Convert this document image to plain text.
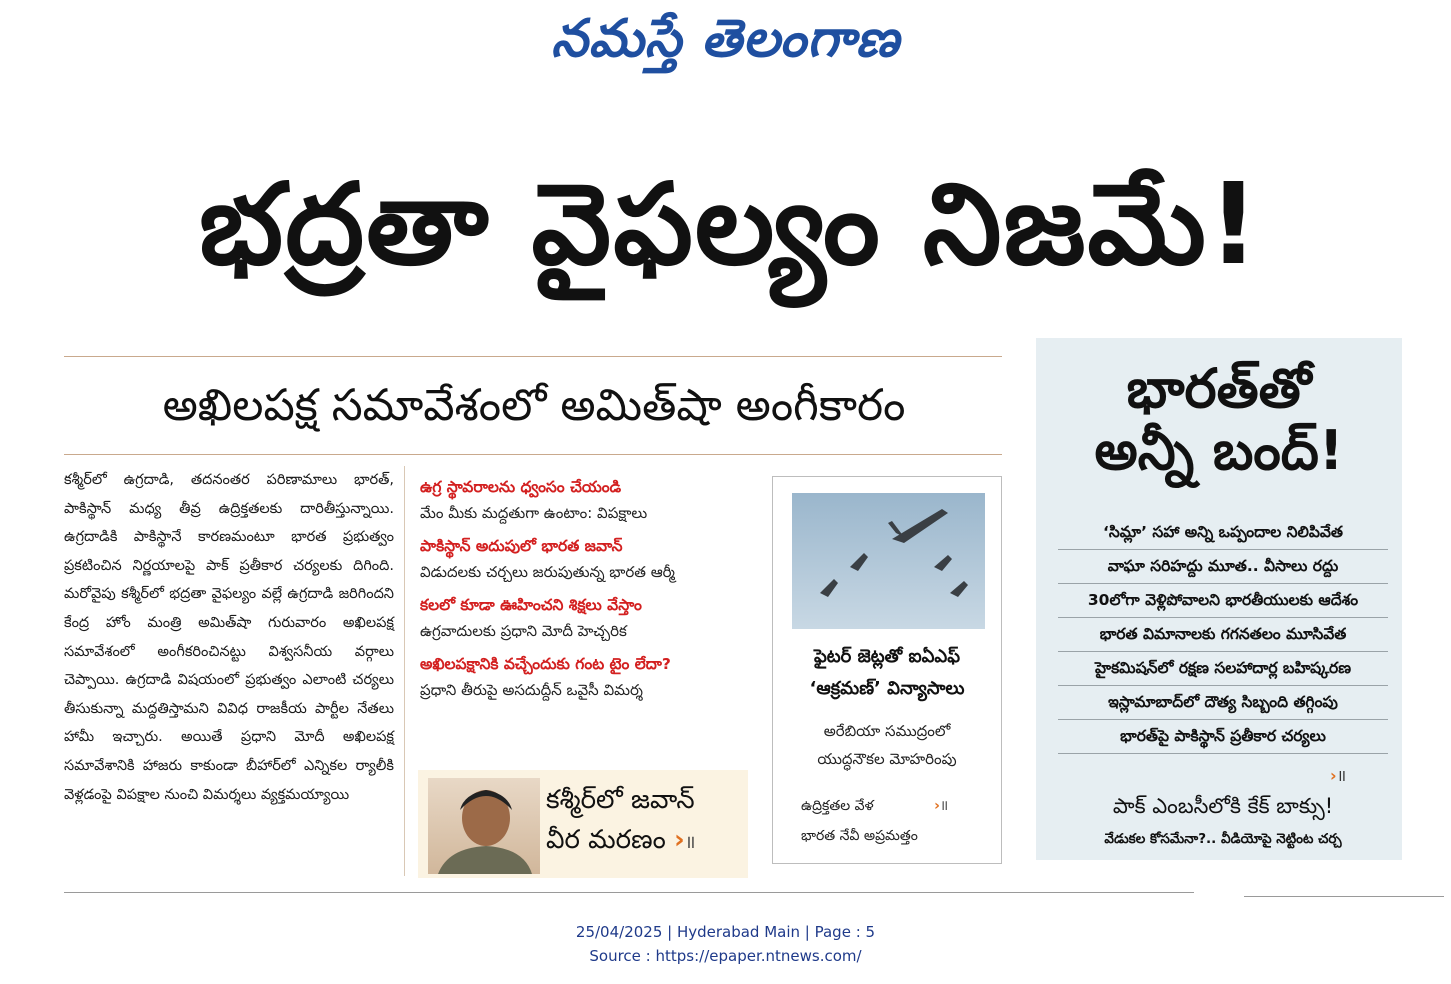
నమస్తే తెలంగాణ
భద్రతా వైఫల్యం నిజమే!
అఖిలపక్ష సమావేశంలో అమిత్‌షా అంగీకారం
కశ్మీర్‌లో ఉగ్రదాడి, తదనంతర పరిణామాలు భారత్, పాకిస్థాన్ మధ్య తీవ్ర ఉద్రిక్తతలకు దారితీస్తున్నాయి. ఉగ్రదాడికి పాకిస్థానే కారణమంటూ భారత ప్రభుత్వం ప్రకటించిన నిర్ణయాలపై పాక్ ప్రతీకార చర్యలకు దిగింది. మరోవైపు కశ్మీర్‌లో భద్రతా వైఫల్యం వల్లే ఉగ్రదాడి జరిగిందని కేంద్ర హోం మంత్రి అమిత్‌షా గురువారం అఖిలపక్ష సమావేశంలో అంగీకరించినట్టు విశ్వసనీయ వర్గాలు చెప్పాయి. ఉగ్రదాడి విషయంలో ప్రభుత్వం ఎలాంటి చర్యలు తీసుకున్నా మద్దతిస్తామని వివిధ రాజకీయ పార్టీల నేతలు హామీ ఇచ్చారు. అయితే ప్రధాని మోదీ అఖిలపక్ష సమావేశానికి హాజరు కాకుండా బీహార్‌లో ఎన్నికల ర్యాలీకి వెళ్లడంపై విపక్షాల నుంచి విమర్శలు వ్యక్తమయ్యాయి
ఉగ్ర స్థావరాలను ధ్వంసం చేయండి
మేం మీకు మద్దతుగా ఉంటాం: విపక్షాలు
పాకిస్థాన్ అదుపులో భారత జవాన్
విడుదలకు చర్చలు జరుపుతున్న భారత ఆర్మీ
కలలో కూడా ఊహించని శిక్షలు వేస్తాం
ఉగ్రవాదులకు ప్రధాని మోదీ హెచ్చరిక
అఖిలపక్షానికి వచ్చేందుకు గంట టైం లేదా?
ప్రధాని తీరుపై అసదుద్దీన్ ఒవైసీ విమర్శ
కశ్మీర్‌లో జవాన్
వీర మరణం ›॥
ఫైటర్ జెట్లతో ఐఏఎఫ్
‘ఆక్రమణ్’ విన్యాసాలు
అరేబియా సముద్రంలో
యుద్ధనౌకల మోహరింపు
ఉద్రిక్తతల వేళ	›॥
భారత నేవీ అప్రమత్తం
భారత్‌తో
అన్నీ బంద్!
‘సిమ్లా’ సహా అన్ని ఒప్పందాల నిలిపివేత
వాఘా సరిహద్దు మూత.. వీసాలు రద్దు
30లోగా వెళ్లిపోవాలని భారతీయులకు ఆదేశం
భారత విమానాలకు గగనతలం మూసివేత
హైకమిషన్‌లో రక్షణ సలహాదార్ల బహిష్కరణ
ఇస్లామాబాద్‌లో దౌత్య సిబ్బంది తగ్గింపు
భారత్‌పై పాకిస్థాన్ ప్రతీకార చర్యలు
›॥
పాక్ ఎంబసీలోకి కేక్ బాక్సు!
వేడుకల కోసమేనా?.. వీడియోపై నెట్టింట చర్చ
25/04/2025 | Hyderabad Main | Page : 5
Source : https://epaper.ntnews.com/
